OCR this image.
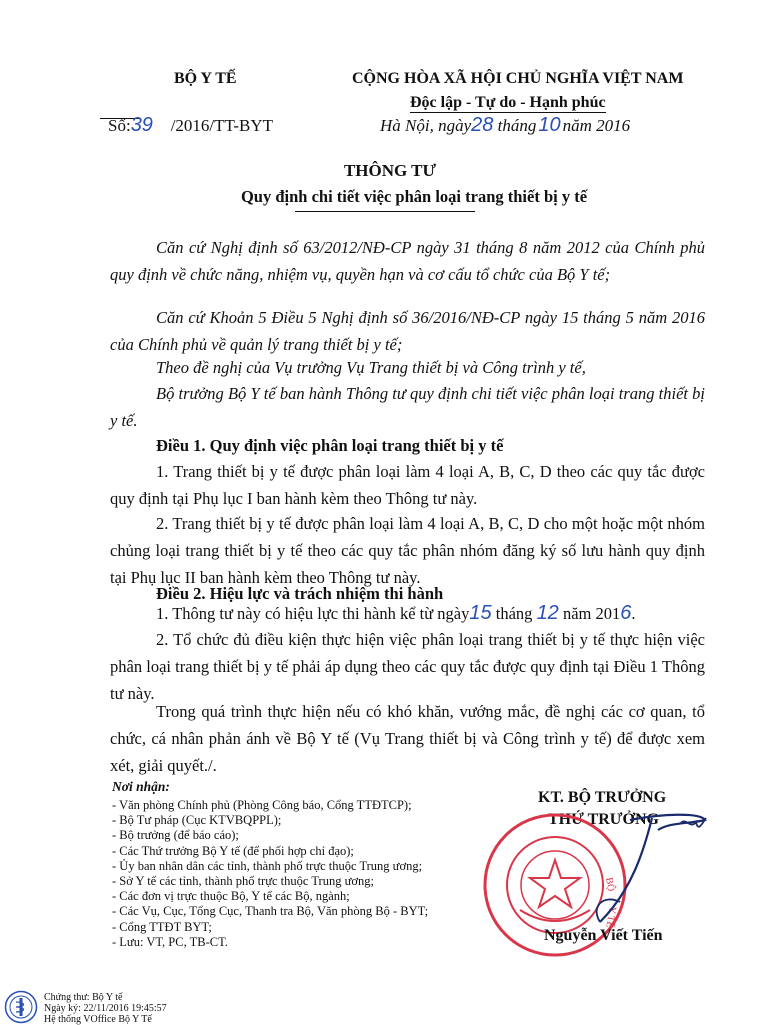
BỘ Y TẾ	CỘNG HÒA XÃ HỘI CHỦ NGHĨA VIỆT NAM
Độc lập - Tự do - Hạnh phúc
Số:39 /2016/TT-BYT	Hà Nội, ngày28 tháng 10 năm 2016
THÔNG TƯ
Quy định chi tiết việc phân loại trang thiết bị y tế
Căn cứ Nghị định số 63/2012/NĐ-CP ngày 31 tháng 8 năm 2012 của Chính phủ quy định về chức năng, nhiệm vụ, quyền hạn và cơ cấu tổ chức của Bộ Y tế;
Căn cứ Khoản 5 Điều 5 Nghị định số 36/2016/NĐ-CP ngày 15 tháng 5 năm 2016 của Chính phủ về quản lý trang thiết bị y tế;
Theo đề nghị của Vụ trưởng Vụ Trang thiết bị và Công trình y tế,
Bộ trưởng Bộ Y tế ban hành Thông tư quy định chi tiết việc phân loại trang thiết bị y tế.
Điều 1. Quy định việc phân loại trang thiết bị y tế
1. Trang thiết bị y tế được phân loại làm 4 loại A, B, C, D theo các quy tắc được quy định tại Phụ lục I ban hành kèm theo Thông tư này.
2. Trang thiết bị y tế được phân loại làm 4 loại A, B, C, D cho một hoặc một nhóm chủng loại trang thiết bị y tế theo các quy tắc phân nhóm đăng ký số lưu hành quy định tại Phụ lục II ban hành kèm theo Thông tư này.
Điều 2. Hiệu lực và trách nhiệm thi hành
1. Thông tư này có hiệu lực thi hành kể từ ngày15 tháng 12 năm 2016.
2. Tổ chức đủ điều kiện thực hiện việc phân loại trang thiết bị y tế thực hiện việc phân loại trang thiết bị y tế phải áp dụng theo các quy tắc được quy định tại Điều 1 Thông tư này.
Trong quá trình thực hiện nếu có khó khăn, vướng mắc, đề nghị các cơ quan, tổ chức, cá nhân phản ánh về Bộ Y tế (Vụ Trang thiết bị và Công trình y tế) để được xem xét, giải quyết./.
Nơi nhận:
- Văn phòng Chính phủ (Phòng Công báo, Cổng TTĐTCP);
- Bộ Tư pháp (Cục KTVBQPPL);
- Bộ trưởng (để báo cáo);
- Các Thứ trưởng Bộ Y tế (để phối hợp chỉ đạo);
- Ủy ban nhân dân các tỉnh, thành phố trực thuộc Trung ương;
- Sở Y tế các tỉnh, thành phố trực thuộc Trung ương;
- Các đơn vị trực thuộc Bộ, Y tế các Bộ, ngành;
- Các Vụ, Cục, Tổng Cục, Thanh tra Bộ, Văn phòng Bộ - BYT;
- Cổng TTĐT BYT;
- Lưu: VT, PC, TB-CT.
KT. BỘ TRƯỞNG
THỨ TRƯỞNG
BỘ
Y TẾ
Nguyễn Viết Tiến
Chứng thư: Bộ Y tế
Ngày ký: 22/11/2016 19:45:57
Hệ thống VOffice Bộ Y Tế
